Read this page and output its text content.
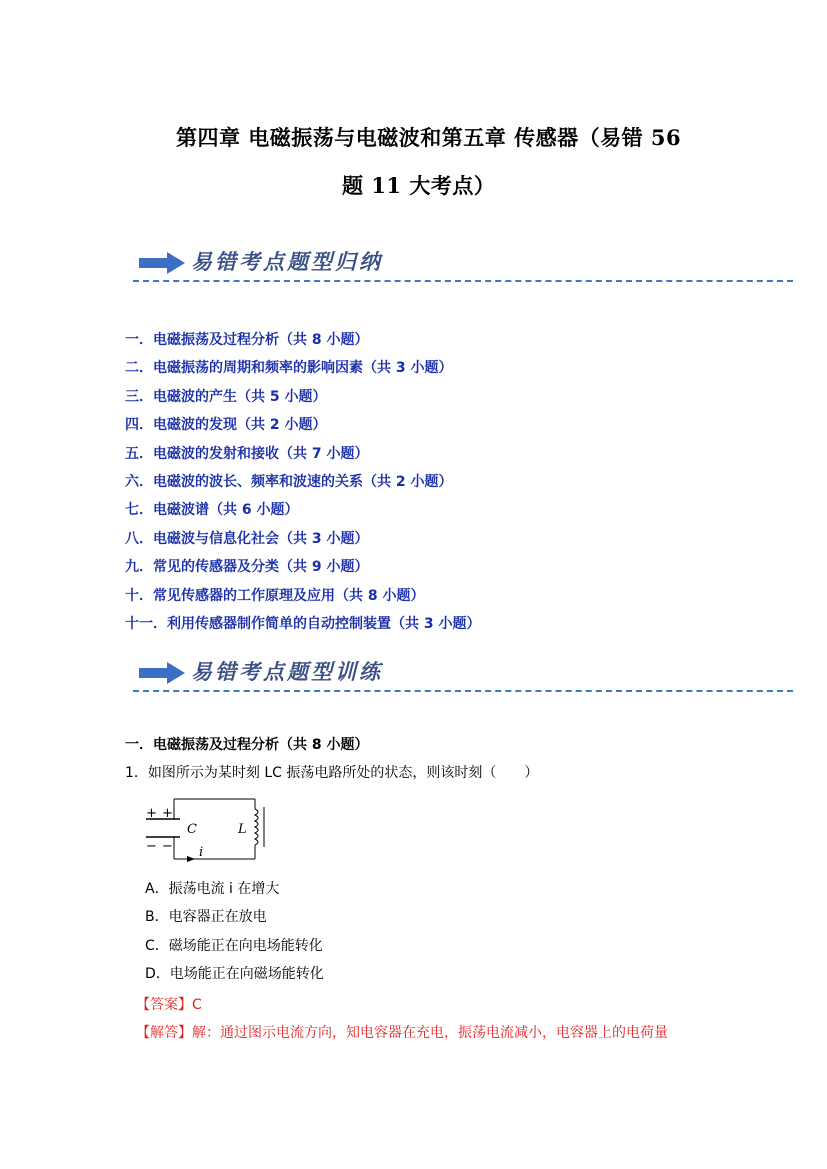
第四章 电磁振荡与电磁波和第五章 传感器（易错 56
题 11 大考点）
易错考点题型归纳
一．电磁振荡及过程分析（共 8 小题）
二．电磁振荡的周期和频率的影响因素（共 3 小题）
三．电磁波的产生（共 5 小题）
四．电磁波的发现（共 2 小题）
五．电磁波的发射和接收（共 7 小题）
六．电磁波的波长、频率和波速的关系（共 2 小题）
七．电磁波谱（共 6 小题）
八．电磁波与信息化社会（共 3 小题）
九．常见的传感器及分类（共 9 小题）
十．常见传感器的工作原理及应用（共 8 小题）
十一．利用传感器制作简单的自动控制装置（共 3 小题）
易错考点题型训练
一．电磁振荡及过程分析（共 8 小题）
1．如图所示为某时刻 LC 振荡电路所处的状态，则该时刻（　　）
+ +
− −
C	L
i
A．振荡电流 i 在增大
B．电容器正在放电
C．磁场能正在向电场能转化
D．电场能正在向磁场能转化
【答案】C
【解答】解：通过图示电流方向，知电容器在充电，振荡电流减小，电容器上的电荷量
